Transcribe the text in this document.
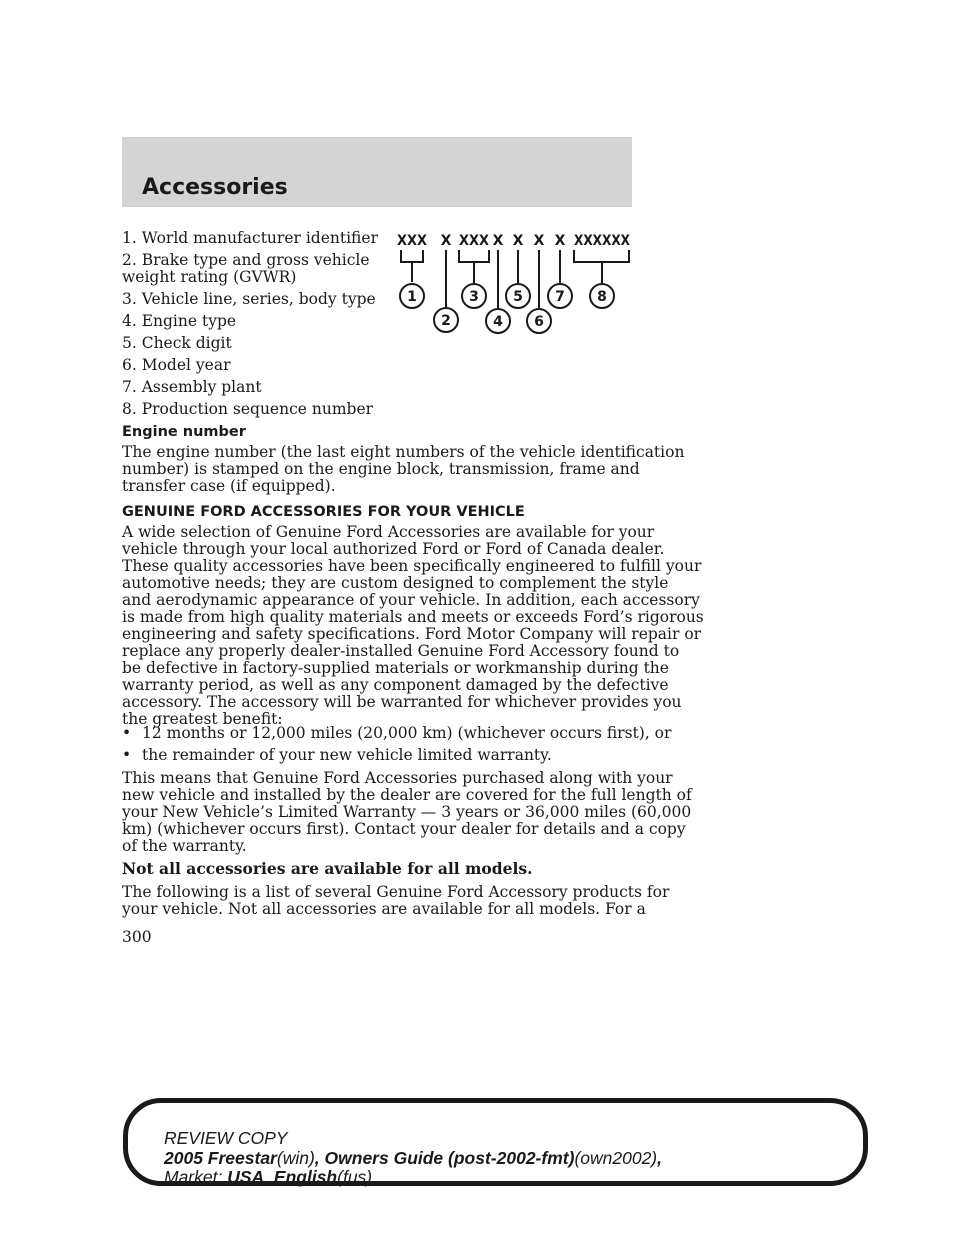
Accessories
1. World manufacturer identifier
2. Brake type and gross vehicle
weight rating (GVWR)
3. Vehicle line, series, body type
4. Engine type
5. Check digit
6. Model year
7. Assembly plant
8. Production sequence number
XXX X XXX X X X X XXXXXX
1
2
3
4
5
6
7 8
Engine number
The engine number (the last eight numbers of the vehicle identification
number) is stamped on the engine block, transmission, frame and
transfer case (if equipped).
GENUINE FORD ACCESSORIES FOR YOUR VEHICLE
A wide selection of Genuine Ford Accessories are available for your
vehicle through your local authorized Ford or Ford of Canada dealer.
These quality accessories have been specifically engineered to fulfill your
automotive needs; they are custom designed to complement the style
and aerodynamic appearance of your vehicle. In addition, each accessory
is made from high quality materials and meets or exceeds Ford’s rigorous
engineering and safety specifications. Ford Motor Company will repair or
replace any properly dealer-installed Genuine Ford Accessory found to
be defective in factory-supplied materials or workmanship during the
warranty period, as well as any component damaged by the defective
accessory. The accessory will be warranted for whichever provides you
the greatest benefit:
• 12 months or 12,000 miles (20,000 km) (whichever occurs first), or
• the remainder of your new vehicle limited warranty.
This means that Genuine Ford Accessories purchased along with your
new vehicle and installed by the dealer are covered for the full length of
your New Vehicle’s Limited Warranty — 3 years or 36,000 miles (60,000
km) (whichever occurs first). Contact your dealer for details and a copy
of the warranty.
Not all accessories are available for all models.
The following is a list of several Genuine Ford Accessory products for
your vehicle. Not all accessories are available for all models. For a
300
REVIEW COPY
2005 Freestar(win), Owners Guide (post-2002-fmt)(own2002),
Market: USA_English(fus)
